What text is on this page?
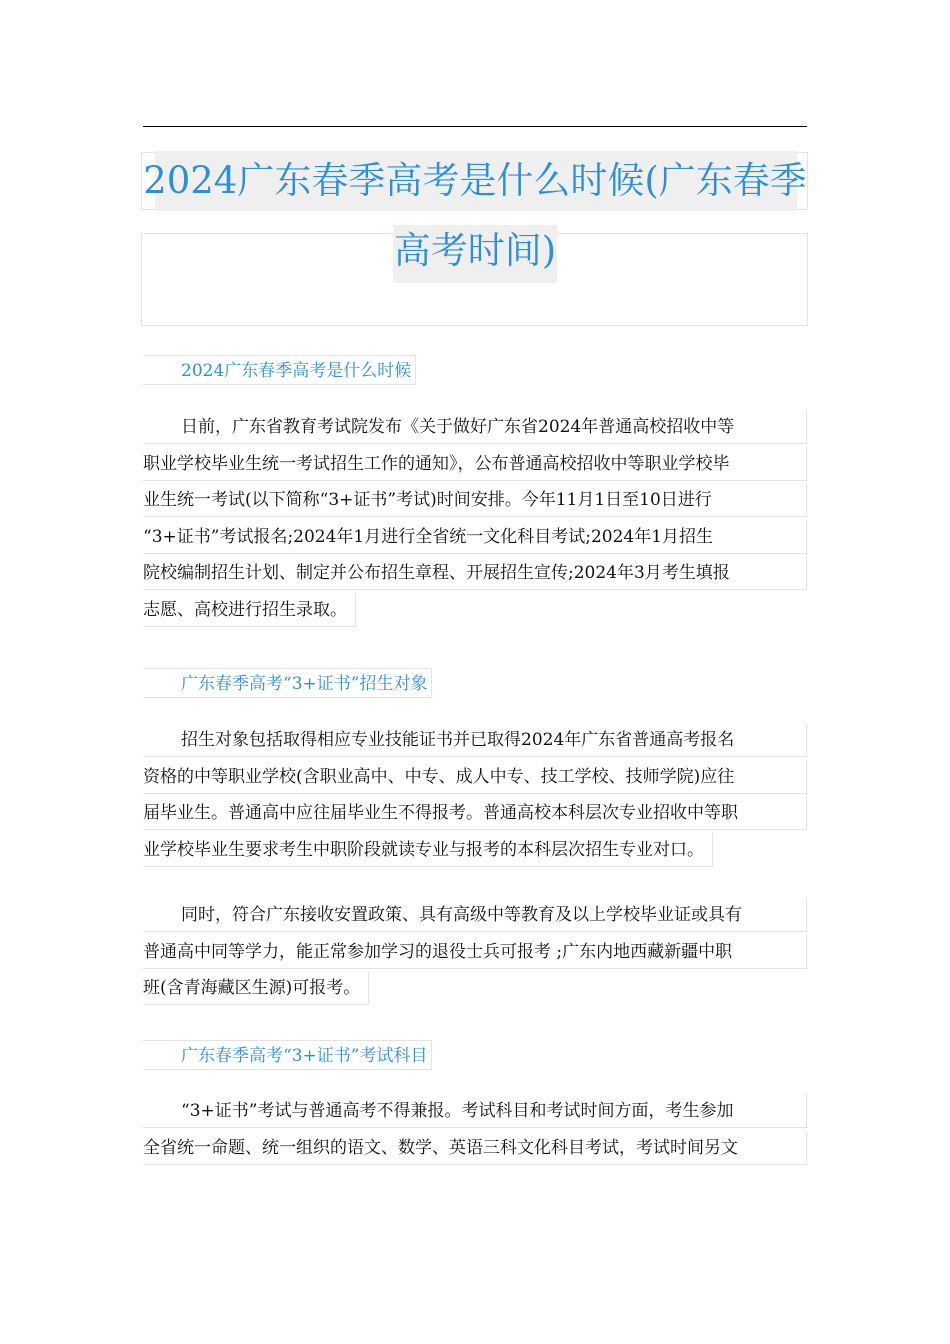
2024广东春季高考是什么时候(广东春季
高考时间)
2024广东春季高考是什么时候
日前，广东省教育考试院发布《关于做好广东省2024年普通高校招收中等
职业学校毕业生统一考试招生工作的通知》，公布普通高校招收中等职业学校毕
业生统一考试(以下简称“3+证书”考试)时间安排。今年11月1日至10日进行
“3+证书”考试报名;2024年1月进行全省统一文化科目考试;2024年1月招生
院校编制招生计划、制定并公布招生章程、开展招生宣传;2024年3月考生填报
志愿、高校进行招生录取。
广东春季高考“3+证书”招生对象
招生对象包括取得相应专业技能证书并已取得2024年广东省普通高考报名
资格的中等职业学校(含职业高中、中专、成人中专、技工学校、技师学院)应往
届毕业生。普通高中应往届毕业生不得报考。普通高校本科层次专业招收中等职
业学校毕业生要求考生中职阶段就读专业与报考的本科层次招生专业对口。
同时，符合广东接收安置政策、具有高级中等教育及以上学校毕业证或具有
普通高中同等学力，能正常参加学习的退役士兵可报考 ;广东内地西藏新疆中职
班(含青海藏区生源)可报考。
广东春季高考“3+证书”考试科目
“3+证书”考试与普通高考不得兼报。考试科目和考试时间方面，考生参加
全省统一命题、统一组织的语文、数学、英语三科文化科目考试，考试时间另文
